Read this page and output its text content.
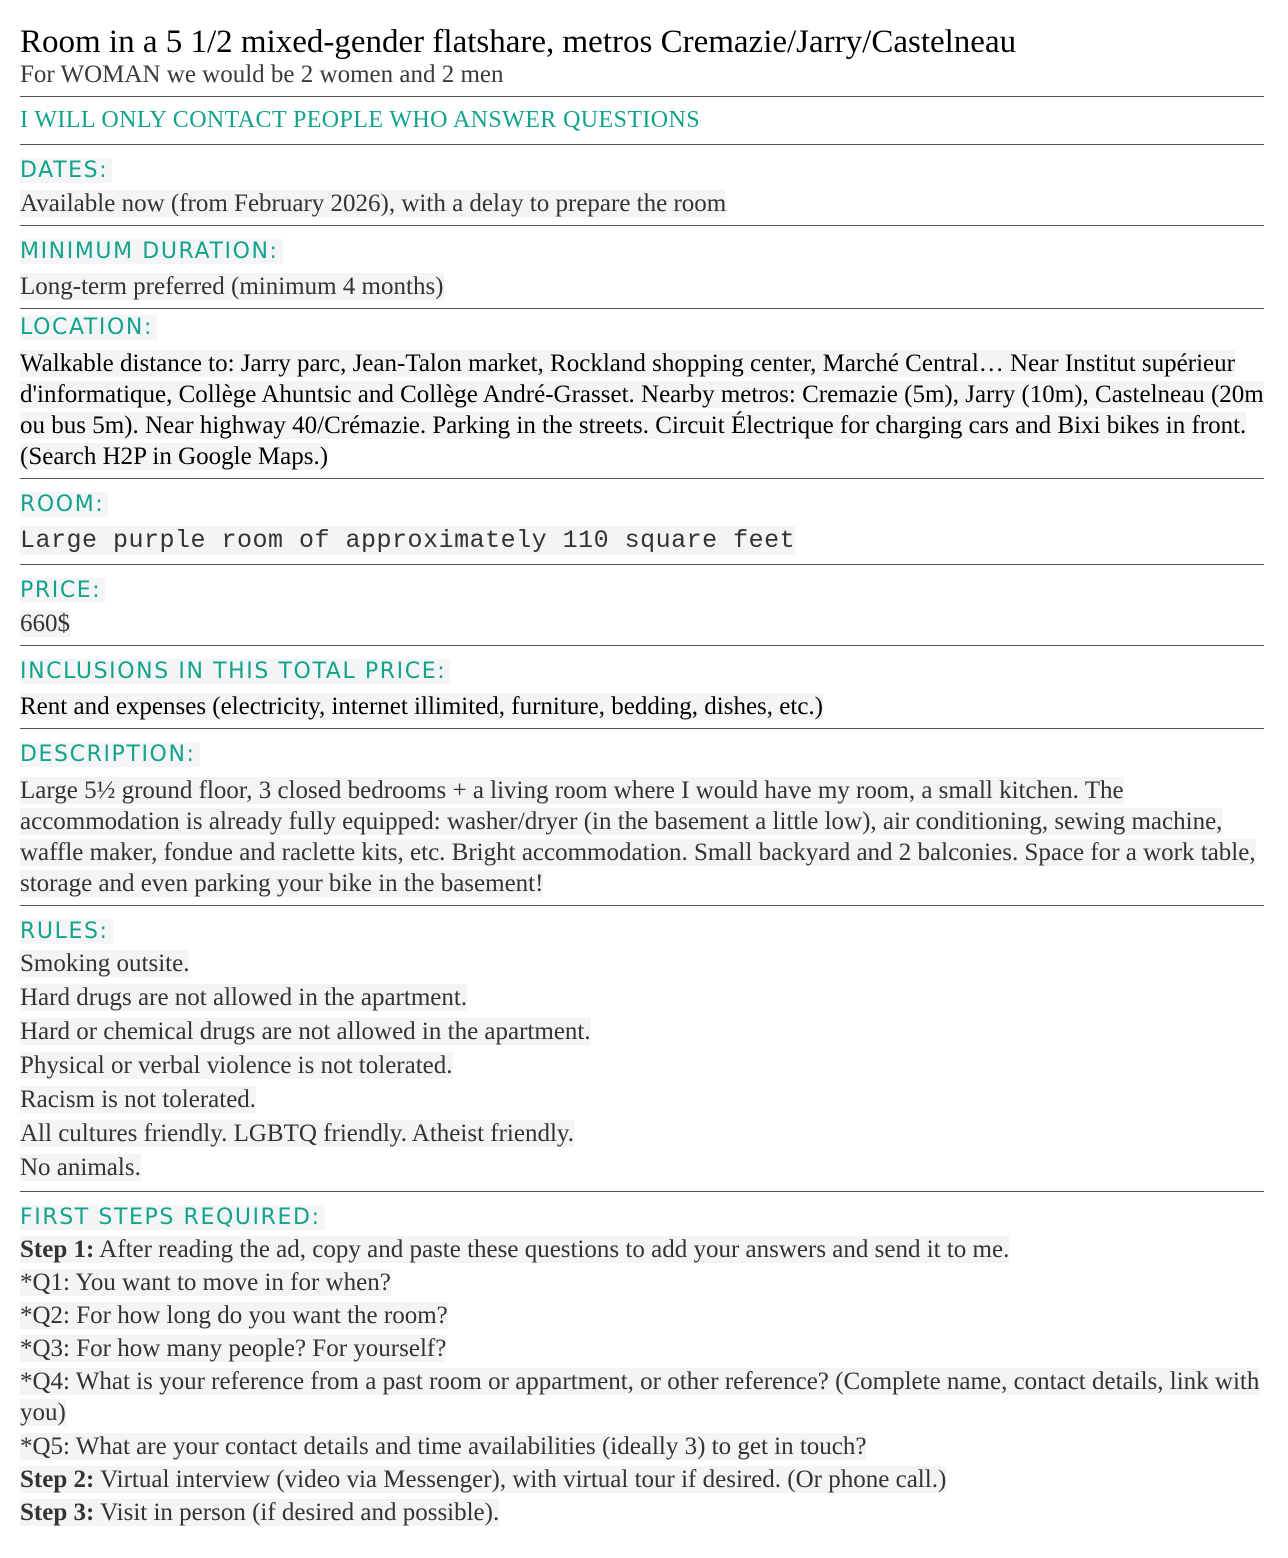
Room in a 5 1/2 mixed-gender flatshare, metros Cremazie/Jarry/Castelneau
For WOMAN we would be 2 women and 2 men
I WILL ONLY CONTACT PEOPLE WHO ANSWER QUESTIONS
DATES:
Available now (from February 2026), with a delay to prepare the room
MINIMUM DURATION:
Long-term preferred (minimum 4 months)
LOCATION:
Walkable distance to: Jarry parc, Jean-Talon market, Rockland shopping center, Marché Central… Near Institut supérieur d'informatique, Collège Ahuntsic and Collège André-Grasset. Nearby metros: Cremazie (5m), Jarry (10m), Castelneau (20m ou bus 5m). Near highway 40/Crémazie. Parking in the streets. Circuit Électrique for charging cars and Bixi bikes in front. (Search H2P in Google Maps.)
ROOM:
Large purple room of approximately 110 square feet
PRICE:
660$
INCLUSIONS IN THIS TOTAL PRICE:
Rent and expenses (electricity, internet illimited, furniture, bedding, dishes, etc.)
DESCRIPTION:
Large 5½ ground floor, 3 closed bedrooms + a living room where I would have my room, a small kitchen. The accommodation is already fully equipped: washer/dryer (in the basement a little low), air conditioning, sewing machine, waffle maker, fondue and raclette kits, etc. Bright accommodation. Small backyard and 2 balconies. Space for a work table, storage and even parking your bike in the basement!
RULES:
Smoking outsite.
Hard drugs are not allowed in the apartment.
Hard or chemical drugs are not allowed in the apartment.
Physical or verbal violence is not tolerated.
Racism is not tolerated.
All cultures friendly. LGBTQ friendly. Atheist friendly.
No animals.
FIRST STEPS REQUIRED:
Step 1: After reading the ad, copy and paste these questions to add your answers and send it to me.
*Q1: You want to move in for when?
*Q2: For how long do you want the room?
*Q3: For how many people? For yourself?
*Q4: What is your reference from a past room or appartment, or other reference? (Complete name, contact details, link with you)
*Q5: What are your contact details and time availabilities (ideally 3) to get in touch?
Step 2: Virtual interview (video via Messenger), with virtual tour if desired. (Or phone call.)
Step 3: Visit in person (if desired and possible).
